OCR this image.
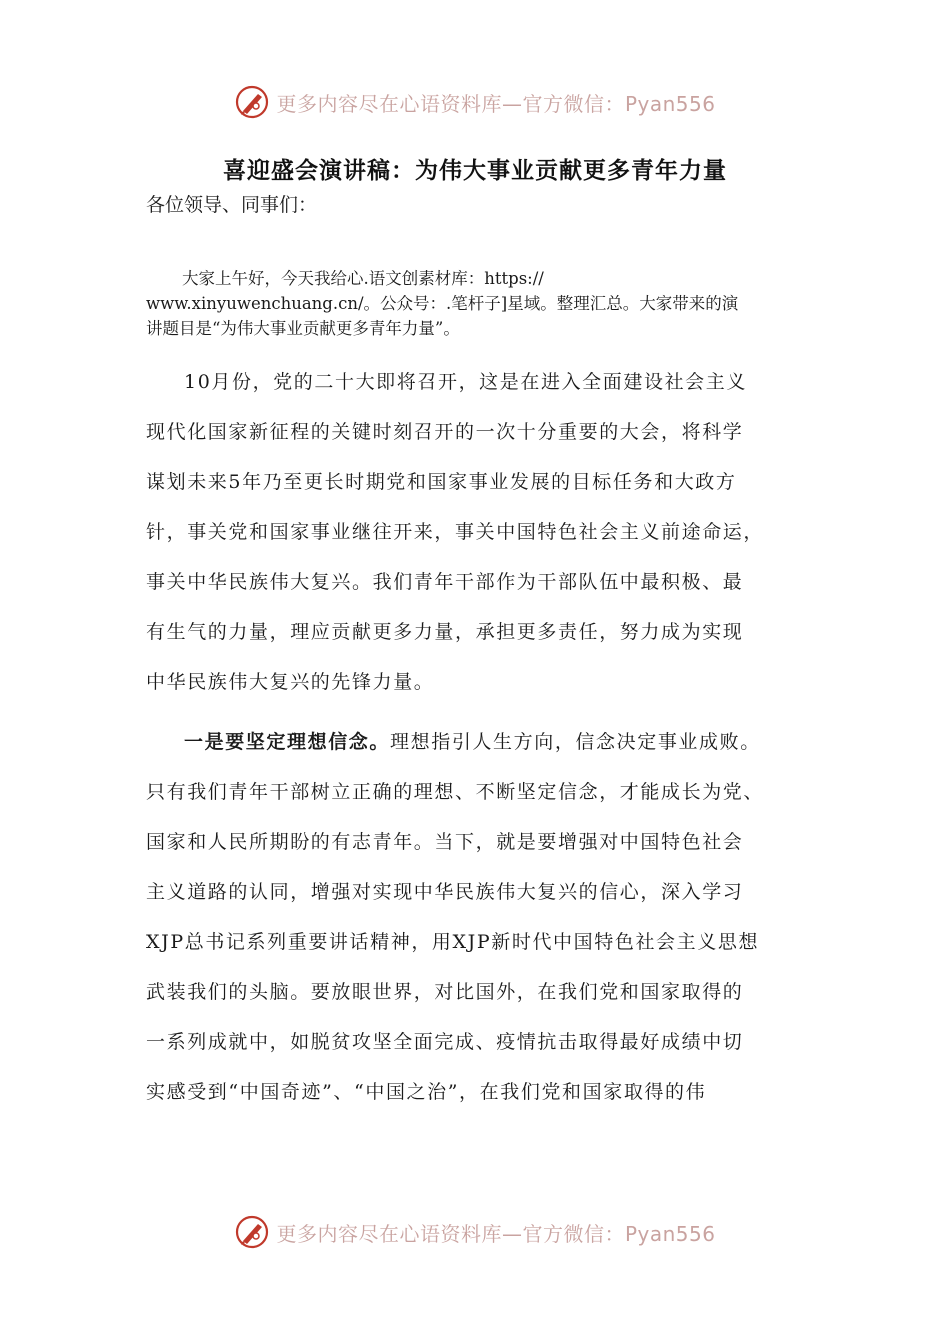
更多内容尽在心语资料库—官方微信：Pyan556
喜迎盛会演讲稿：为伟大事业贡献更多青年力量
各位领导、同事们：
大家上午好，今天我给心.语文创素材库：https://
www.xinyuwenchuang.cn/。公众号：.笔杆子]星域。整理汇总。大家带来的演
讲题目是“为伟大事业贡献更多青年力量”。
10月份，党的二十大即将召开，这是在进入全面建设社会主义
现代化国家新征程的关键时刻召开的一次十分重要的大会，将科学
谋划未来5年乃至更长时期党和国家事业发展的目标任务和大政方
针，事关党和国家事业继往开来，事关中国特色社会主义前途命运，
事关中华民族伟大复兴。我们青年干部作为干部队伍中最积极、最
有生气的力量，理应贡献更多力量，承担更多责任，努力成为实现
中华民族伟大复兴的先锋力量。
一是要坚定理想信念。理想指引人生方向，信念决定事业成败。
只有我们青年干部树立正确的理想、不断坚定信念，才能成长为党、
国家和人民所期盼的有志青年。当下，就是要增强对中国特色社会
主义道路的认同，增强对实现中华民族伟大复兴的信心，深入学习
XJP总书记系列重要讲话精神，用XJP新时代中国特色社会主义思想
武装我们的头脑。要放眼世界，对比国外，在我们党和国家取得的
一系列成就中，如脱贫攻坚全面完成、疫情抗击取得最好成绩中切
实感受到“中国奇迹”、“中国之治”，在我们党和国家取得的伟
更多内容尽在心语资料库—官方微信：Pyan556
